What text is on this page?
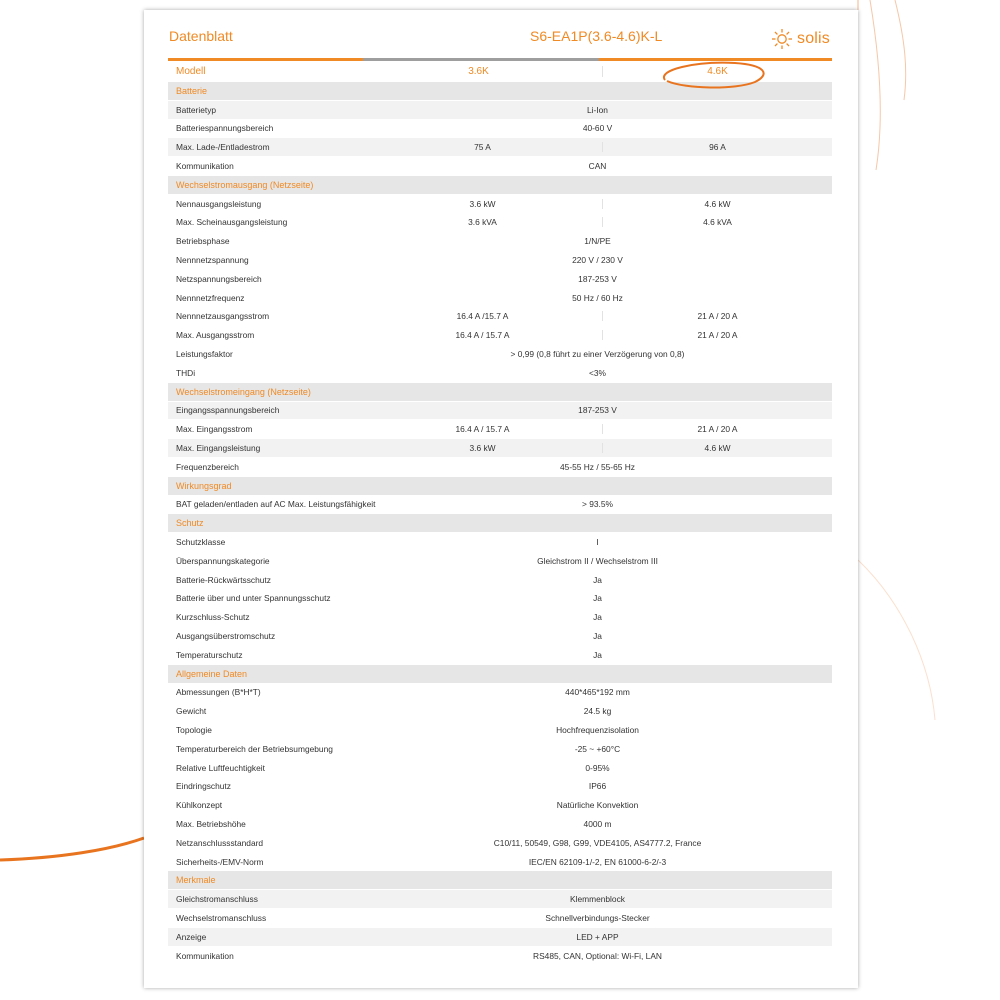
Datenblatt	S6-EA1P(3.6-4.6)K-L	solis
Modell	3.6K	4.6K
Batterie
Batterietyp	Li-Ion
Batteriespannungsbereich	40-60 V
Max. Lade-/Entladestrom	75 A	96 A
Kommunikation	CAN
Wechselstromausgang (Netzseite)
Nennausgangsleistung	3.6 kW	4.6 kW
Max. Scheinausgangsleistung	3.6 kVA	4.6 kVA
Betriebsphase	1/N/PE
Nennnetzspannung	220 V / 230 V
Netzspannungsbereich	187-253 V
Nennnetzfrequenz	50 Hz / 60 Hz
Nennnetzausgangsstrom	16.4 A /15.7 A	21 A / 20 A
Max. Ausgangsstrom	16.4 A / 15.7 A	21 A / 20 A
Leistungsfaktor	> 0,99 (0,8 führt zu einer Verzögerung von 0,8)
THDi	<3%
Wechselstromeingang (Netzseite)
Eingangsspannungsbereich	187-253 V
Max. Eingangsstrom	16.4 A / 15.7 A	21 A / 20 A
Max. Eingangsleistung	3.6 kW	4.6 kW
Frequenzbereich	45-55 Hz / 55-65 Hz
Wirkungsgrad
BAT geladen/entladen auf AC Max. Leistungsfähigkeit	> 93.5%
Schutz
Schutzklasse	I
Überspannungskategorie	Gleichstrom II / Wechselstrom III
Batterie-Rückwärtsschutz	Ja
Batterie über und unter Spannungsschutz	Ja
Kurzschluss-Schutz	Ja
Ausgangsüberstromschutz	Ja
Temperaturschutz	Ja
Allgemeine Daten
Abmessungen (B*H*T)	440*465*192 mm
Gewicht	24.5 kg
Topologie	Hochfrequenzisolation
Temperaturbereich der Betriebsumgebung	-25 ~ +60°C
Relative Luftfeuchtigkeit	0-95%
Eindringschutz	IP66
Kühlkonzept	Natürliche Konvektion
Max. Betriebshöhe	4000 m
Netzanschlussstandard	C10/11, 50549, G98, G99, VDE4105, AS4777.2, France
Sicherheits-/EMV-Norm	IEC/EN 62109-1/-2, EN 61000-6-2/-3
Merkmale
Gleichstromanschluss	Klemmenblock
Wechselstromanschluss	Schnellverbindungs-Stecker
Anzeige	LED + APP
Kommunikation	RS485, CAN, Optional: Wi-Fi, LAN
